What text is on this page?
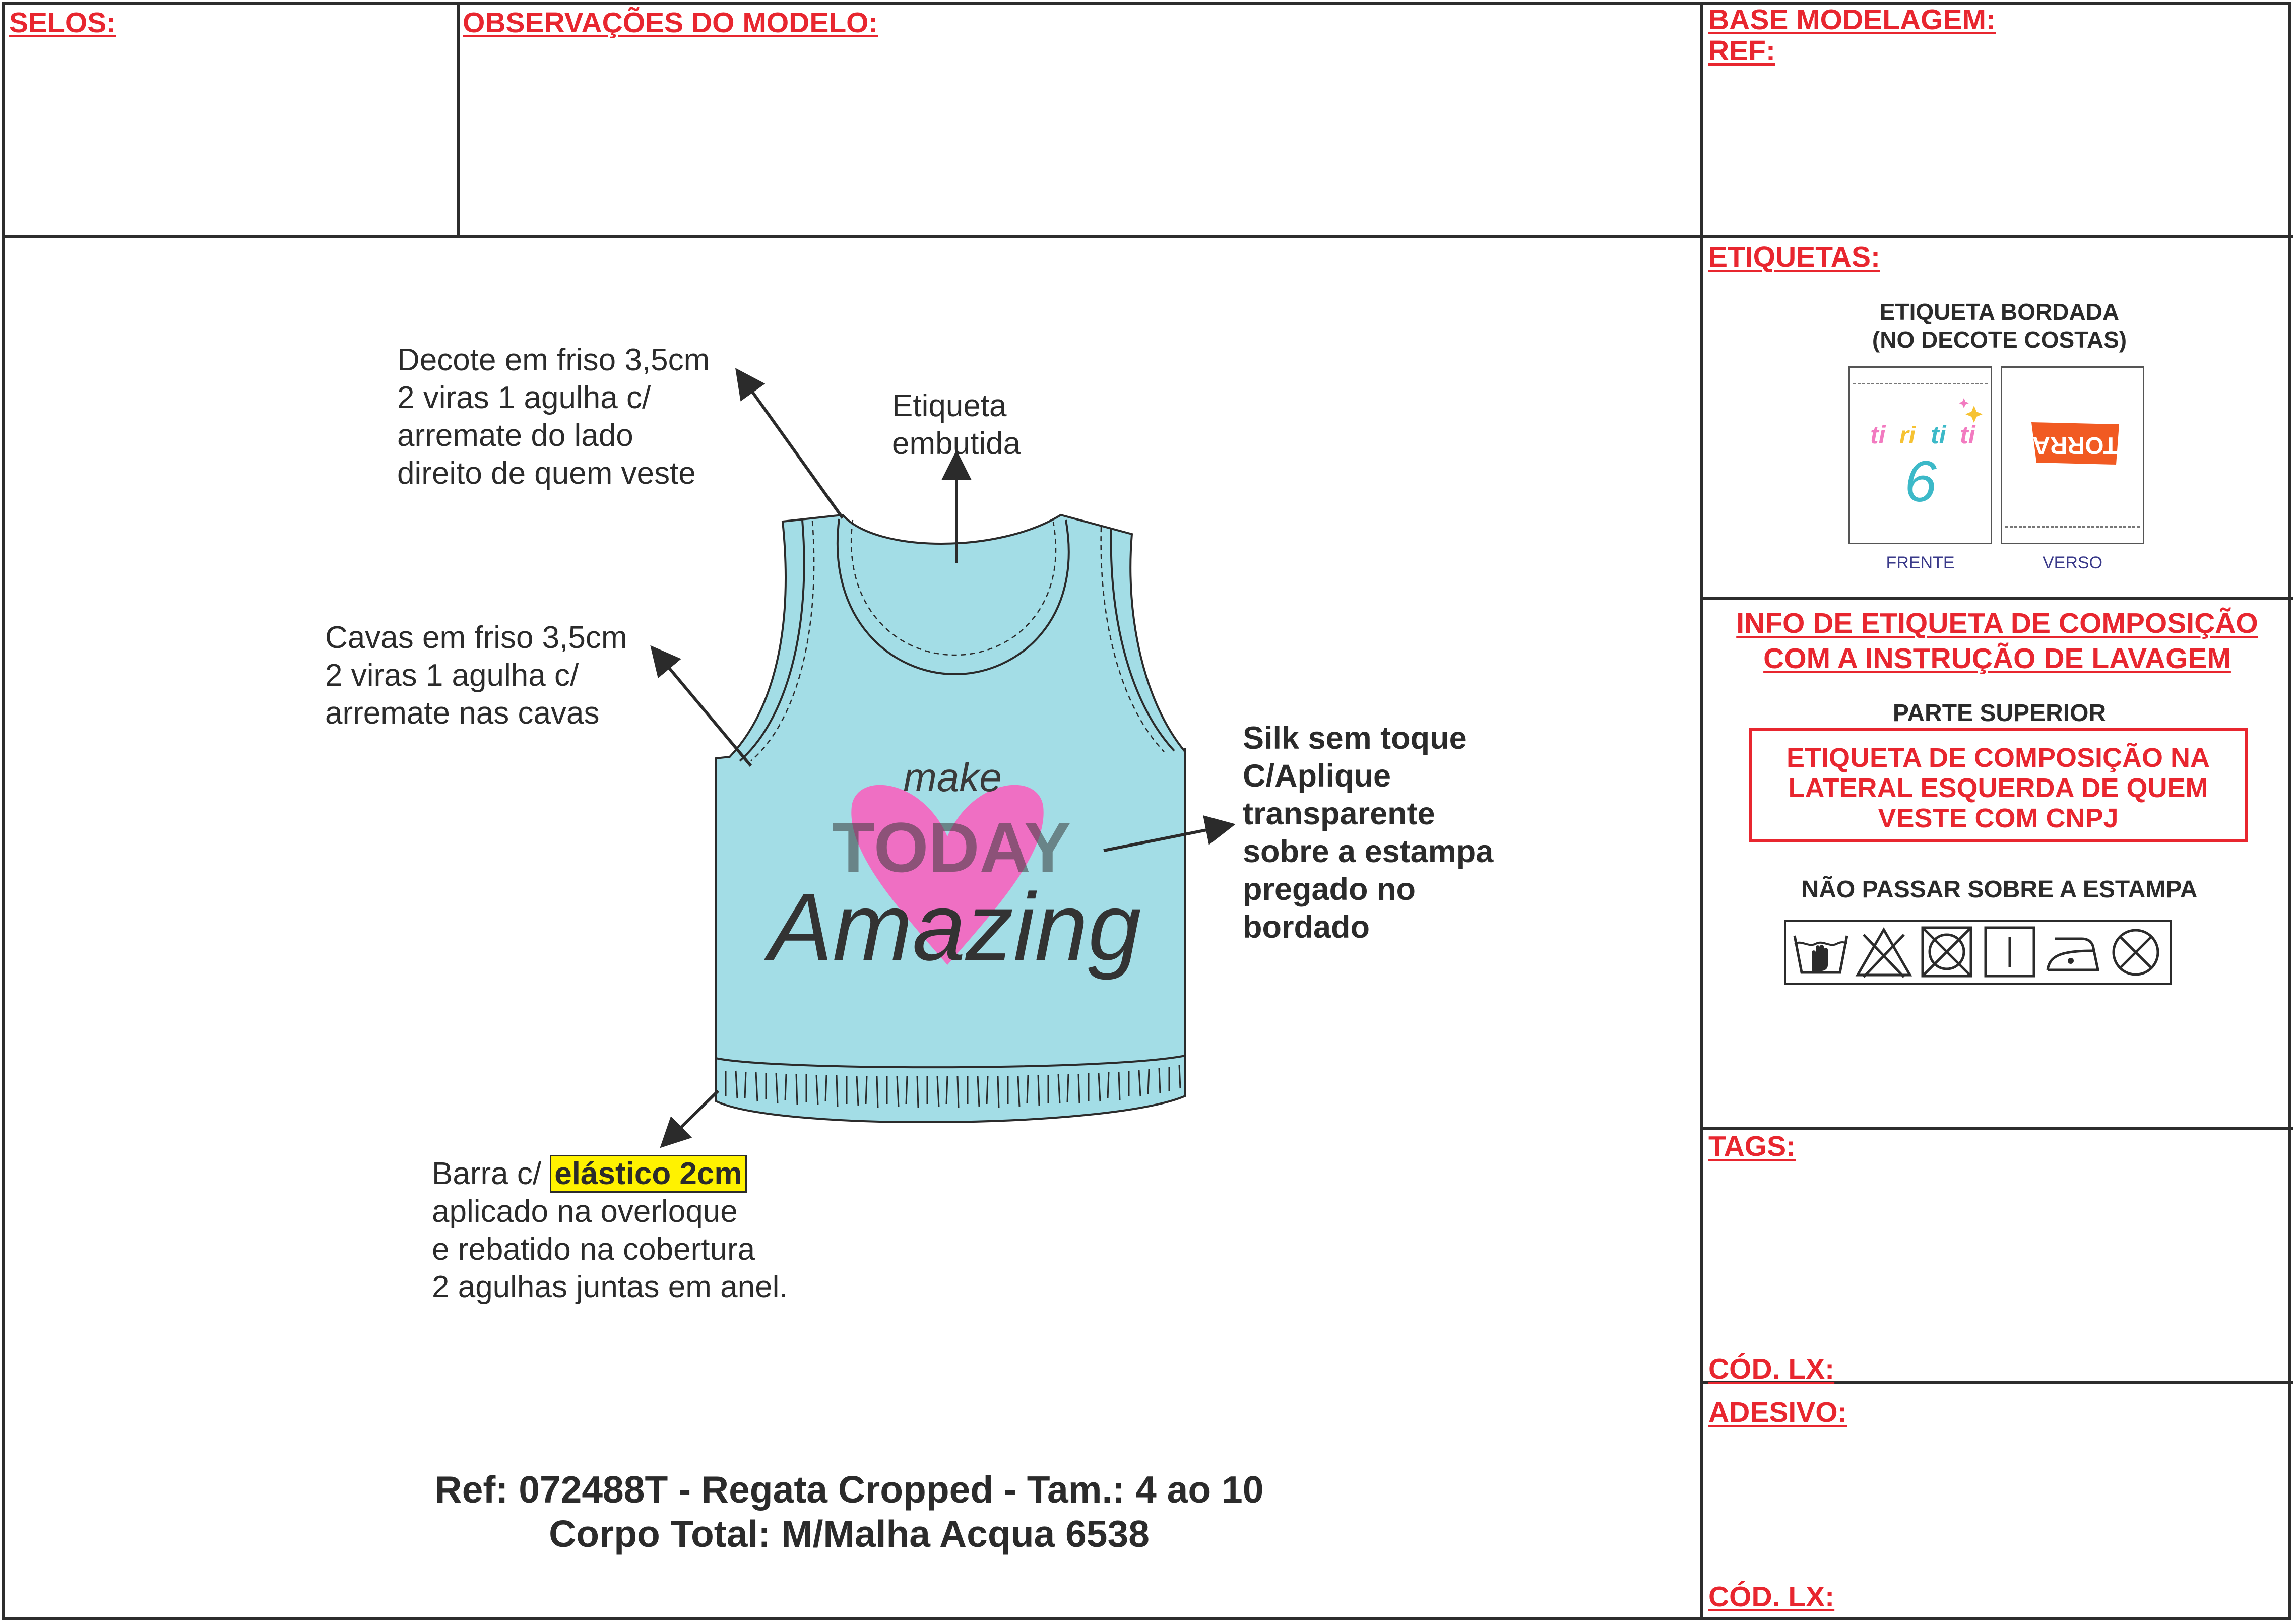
SELOS:	OBSERVAÇÕES DO MODELO:	BASE MODELAGEM:
REF:
make
TODAY
Amazing
Decote em friso 3,5cm
2 viras 1 agulha c/
arremate do lado
direito de quem veste
Etiqueta
embutida
Cavas em friso 3,5cm
2 viras 1 agulha c/
arremate nas cavas
Silk sem toque
C/Aplique
transparente
sobre a estampa
pregado no
bordado
Barra c/ elástico 2cm
aplicado na overloque
e rebatido na cobertura
2 agulhas juntas em anel.
Ref: 072488T - Regata Cropped - Tam.: 4 ao 10
Corpo Total: M/Malha Acqua 6538
ETIQUETAS:
ETIQUETA BORDADA
(NO DECOTE COSTAS)
ti ri ti ti
6
TORRA
FRENTE	VERSO
INFO DE ETIQUETA DE COMPOSIÇÃO
COM A INSTRUÇÃO DE LAVAGEM
PARTE SUPERIOR
ETIQUETA DE COMPOSIÇÃO NA
LATERAL ESQUERDA DE QUEM
VESTE COM CNPJ
NÃO PASSAR SOBRE A ESTAMPA
TAGS:
CÓD. LX:
ADESIVO:
CÓD. LX:
